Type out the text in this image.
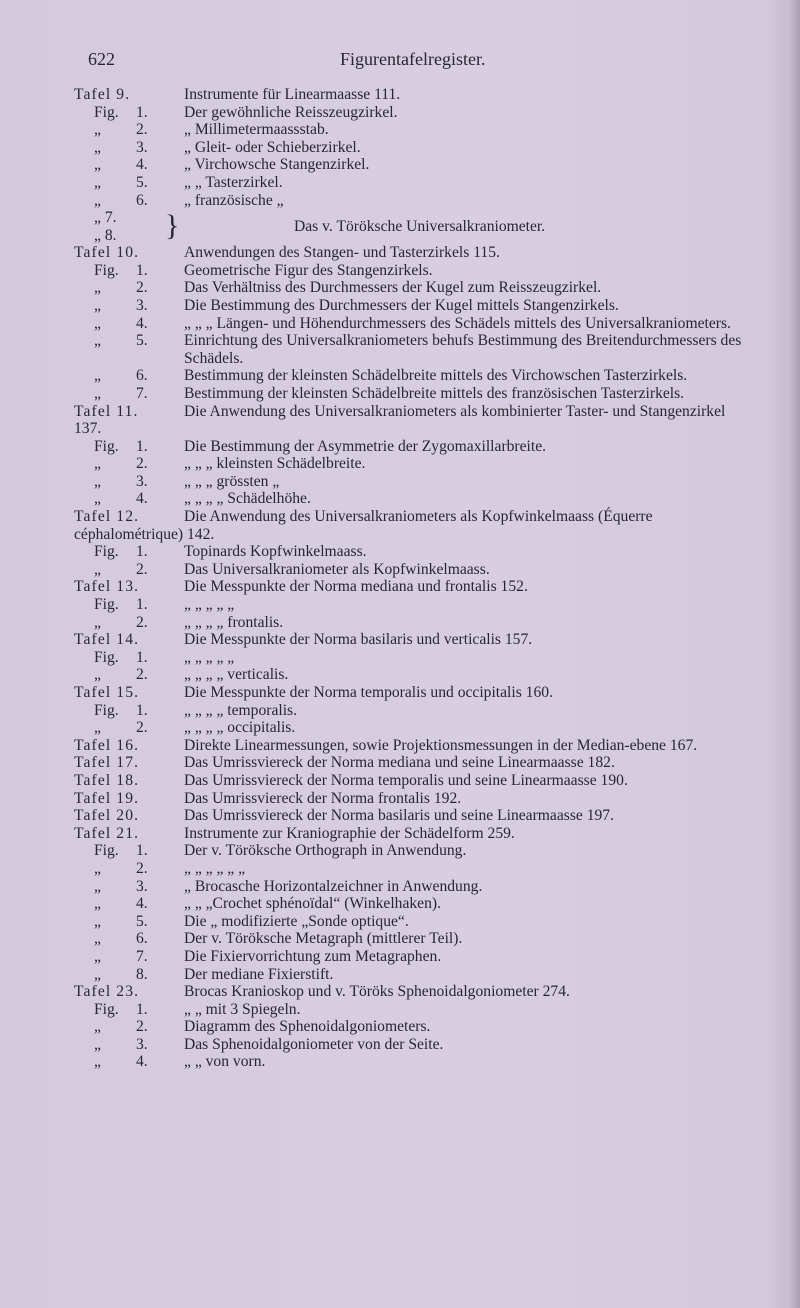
622	Figurentafelregister.
Tafel 9.	Instrumente für Linearmaasse 111.
Fig. 1. Der gewöhnliche Reisszeugzirkel.
„ 2. „ Millimetermaassstab.
„ 3. „ Gleit- oder Schieberzirkel.
„ 4. „ Virchowsche Stangenzirkel.
„ 5. „ „ Tasterzirkel.
„ 6. „ französische „
„ 7.
„ 8.	}	Das v. Töröksche Universalkraniometer.
Tafel 10.	Anwendungen des Stangen- und Tasterzirkels 115.
Fig. 1. Geometrische Figur des Stangenzirkels.
„ 2. Das Verhältniss des Durchmessers der Kugel zum Reisszeugzirkel.
„ 3. Die Bestimmung des Durchmessers der Kugel mittels Stangenzirkels.
„ 4. „ „ „ Längen- und Höhendurchmessers des Schädels mittels des Universalkraniometers.
„ 5. Einrichtung des Universalkraniometers behufs Bestimmung des Breitendurchmessers des Schädels.
„ 6. Bestimmung der kleinsten Schädelbreite mittels des Virchowschen Tasterzirkels.
„ 7. Bestimmung der kleinsten Schädelbreite mittels des französischen Tasterzirkels.
Tafel 11.	Die Anwendung des Universalkraniometers als kombinierter Taster- und Stangenzirkel 137.
Fig. 1. Die Bestimmung der Asymmetrie der Zygomaxillarbreite.
„ 2. „ „ „ kleinsten Schädelbreite.
„ 3. „ „ „ grössten „
„ 4. „ „ „ „ Schädelhöhe.
Tafel 12.	Die Anwendung des Universalkraniometers als Kopfwinkelmaass (Équerre céphalométrique) 142.
Fig. 1. Topinards Kopfwinkelmaass.
„ 2. Das Universalkraniometer als Kopfwinkelmaass.
Tafel 13.	Die Messpunkte der Norma mediana und frontalis 152.
Fig. 1. „ „ „ „ „
„ 2. „ „ „ „ frontalis.
Tafel 14.	Die Messpunkte der Norma basilaris und verticalis 157.
Fig. 1. „ „ „ „ „
„ 2. „ „ „ „ verticalis.
Tafel 15.	Die Messpunkte der Norma temporalis und occipitalis 160.
Fig. 1. „ „ „ „ temporalis.
„ 2. „ „ „ „ occipitalis.
Tafel 16.	Direkte Linearmessungen, sowie Projektionsmessungen in der Median-ebene 167.
Tafel 17.	Das Umrissviereck der Norma mediana und seine Linearmaasse 182.
Tafel 18.	Das Umrissviereck der Norma temporalis und seine Linearmaasse 190.
Tafel 19.	Das Umrissviereck der Norma frontalis 192.
Tafel 20.	Das Umrissviereck der Norma basilaris und seine Linearmaasse 197.
Tafel 21.	Instrumente zur Kraniographie der Schädelform 259.
Fig. 1. Der v. Töröksche Orthograph in Anwendung.
„ 2. „ „ „ „ „ „
„ 3. „ Brocasche Horizontalzeichner in Anwendung.
„ 4. „ „ „Crochet sphénoïdal“ (Winkelhaken).
„ 5. Die „ modifizierte „Sonde optique“.
„ 6. Der v. Töröksche Metagraph (mittlerer Teil).
„ 7. Die Fixiervorrichtung zum Metagraphen.
„ 8. Der mediane Fixierstift.
Tafel 23.	Brocas Kranioskop und v. Töröks Sphenoidalgoniometer 274.
Fig. 1. „ „ mit 3 Spiegeln.
„ 2. Diagramm des Sphenoidalgoniometers.
„ 3. Das Sphenoidalgoniometer von der Seite.
„ 4. „ „ von vorn.
